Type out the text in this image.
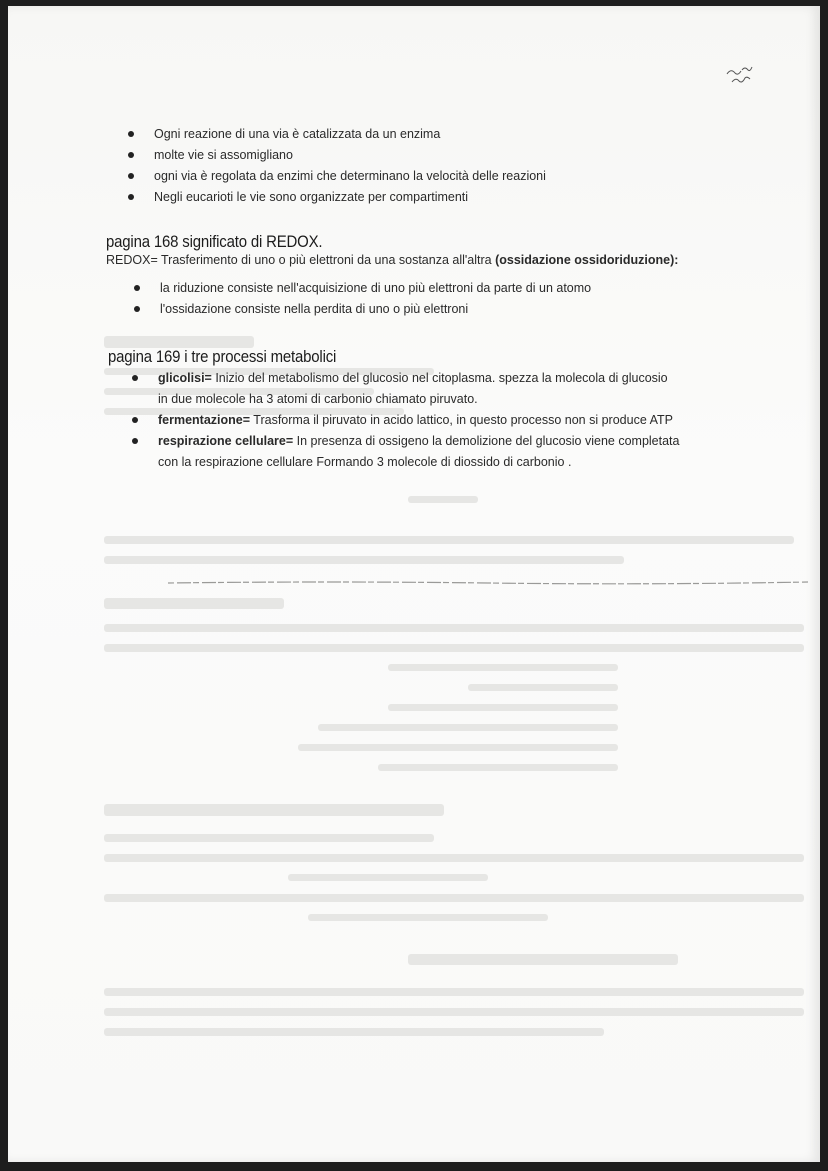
Ogni reazione di una via è catalizzata da un enzima
molte vie si assomigliano
ogni via è regolata da enzimi che determinano la velocità delle reazioni
Negli eucarioti le vie sono organizzate per compartimenti
pagina 168 significato di REDOX.
REDOX= Trasferimento di uno o più elettroni da una sostanza all'altra (ossidazione ossidoriduzione):
la riduzione consiste nell'acquisizione di uno più elettroni da parte di un atomo
l'ossidazione consiste nella perdita di uno o più elettroni
pagina 169 i tre processi metabolici
glicolisi= Inizio del metabolismo del glucosio nel citoplasma. spezza la molecola di glucosio
in due molecole ha 3 atomi di carbonio chiamato piruvato.
fermentazione= Trasforma il piruvato in acido lattico, in questo processo non si produce ATP
respirazione cellulare= In presenza di ossigeno la demolizione del glucosio viene completata
con la respirazione cellulare Formando 3 molecole di diossido di carbonio .
